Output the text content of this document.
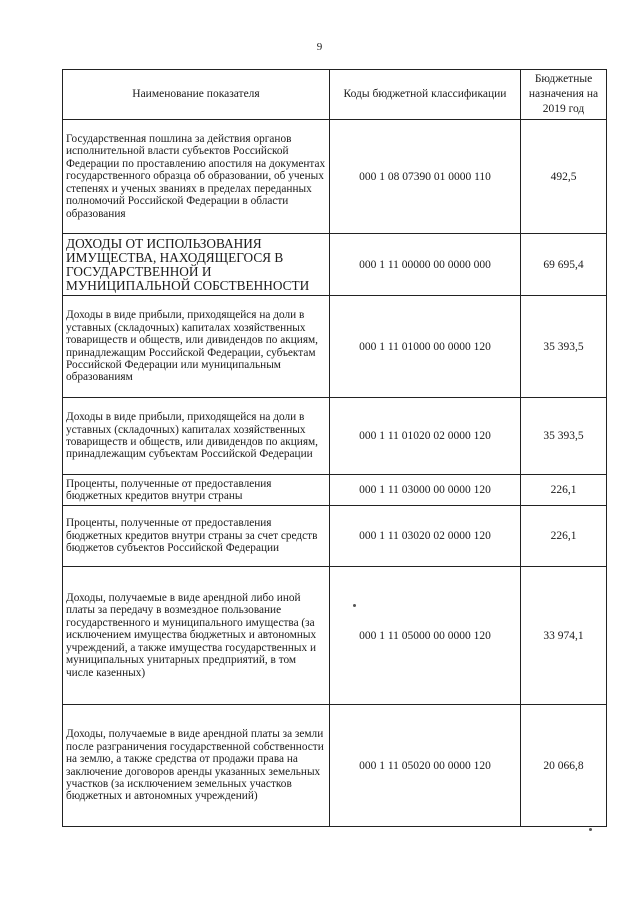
9
Наименование показателя	Коды бюджетной классификации	Бюджетные назначения на 2019 год
Государственная пошлина за действия органов исполнительной власти субъектов Российской Федерации по проставлению апостиля на документах государственного образца об образовании, об ученых степенях и ученых званиях в пределах переданных полномочий Российской Федерации в области образования	000 1 08 07390 01 0000 110	492,5
ДОХОДЫ ОТ ИСПОЛЬЗОВАНИЯ ИМУЩЕСТВА, НАХОДЯЩЕГОСЯ В ГОСУДАРСТВЕННОЙ И МУНИЦИПАЛЬНОЙ СОБСТВЕННОСТИ	000 1 11 00000 00 0000 000	69 695,4
Доходы в виде прибыли, приходящейся на доли в уставных (складочных) капиталах хозяйственных товариществ и обществ, или дивидендов по акциям, принадлежащим Российской Федерации, субъектам Российской Федерации или муниципальным образованиям	000 1 11 01000 00 0000 120	35 393,5
Доходы в виде прибыли, приходящейся на доли в уставных (складочных) капиталах хозяйственных товариществ и обществ, или дивидендов по акциям, принадлежащим субъектам Российской Федерации	000 1 11 01020 02 0000 120	35 393,5
Проценты, полученные от предоставления бюджетных кредитов внутри страны	000 1 11 03000 00 0000 120	226,1
Проценты, полученные от предоставления бюджетных кредитов внутри страны за счет средств бюджетов субъектов Российской Федерации	000 1 11 03020 02 0000 120	226,1
Доходы, получаемые в виде арендной либо иной платы за передачу в возмездное пользование государственного и муниципального имущества (за исключением имущества бюджетных и автономных учреждений, а также имущества государственных и муниципальных унитарных предприятий, в том числе казенных)	000 1 11 05000 00 0000 120	33 974,1
Доходы, получаемые в виде арендной платы за земли после разграничения государственной собственности на землю, а также средства от продажи права на заключение договоров аренды указанных земельных участков (за исключением земельных участков бюджетных и автономных учреждений)	000 1 11 05020 00 0000 120	20 066,8
